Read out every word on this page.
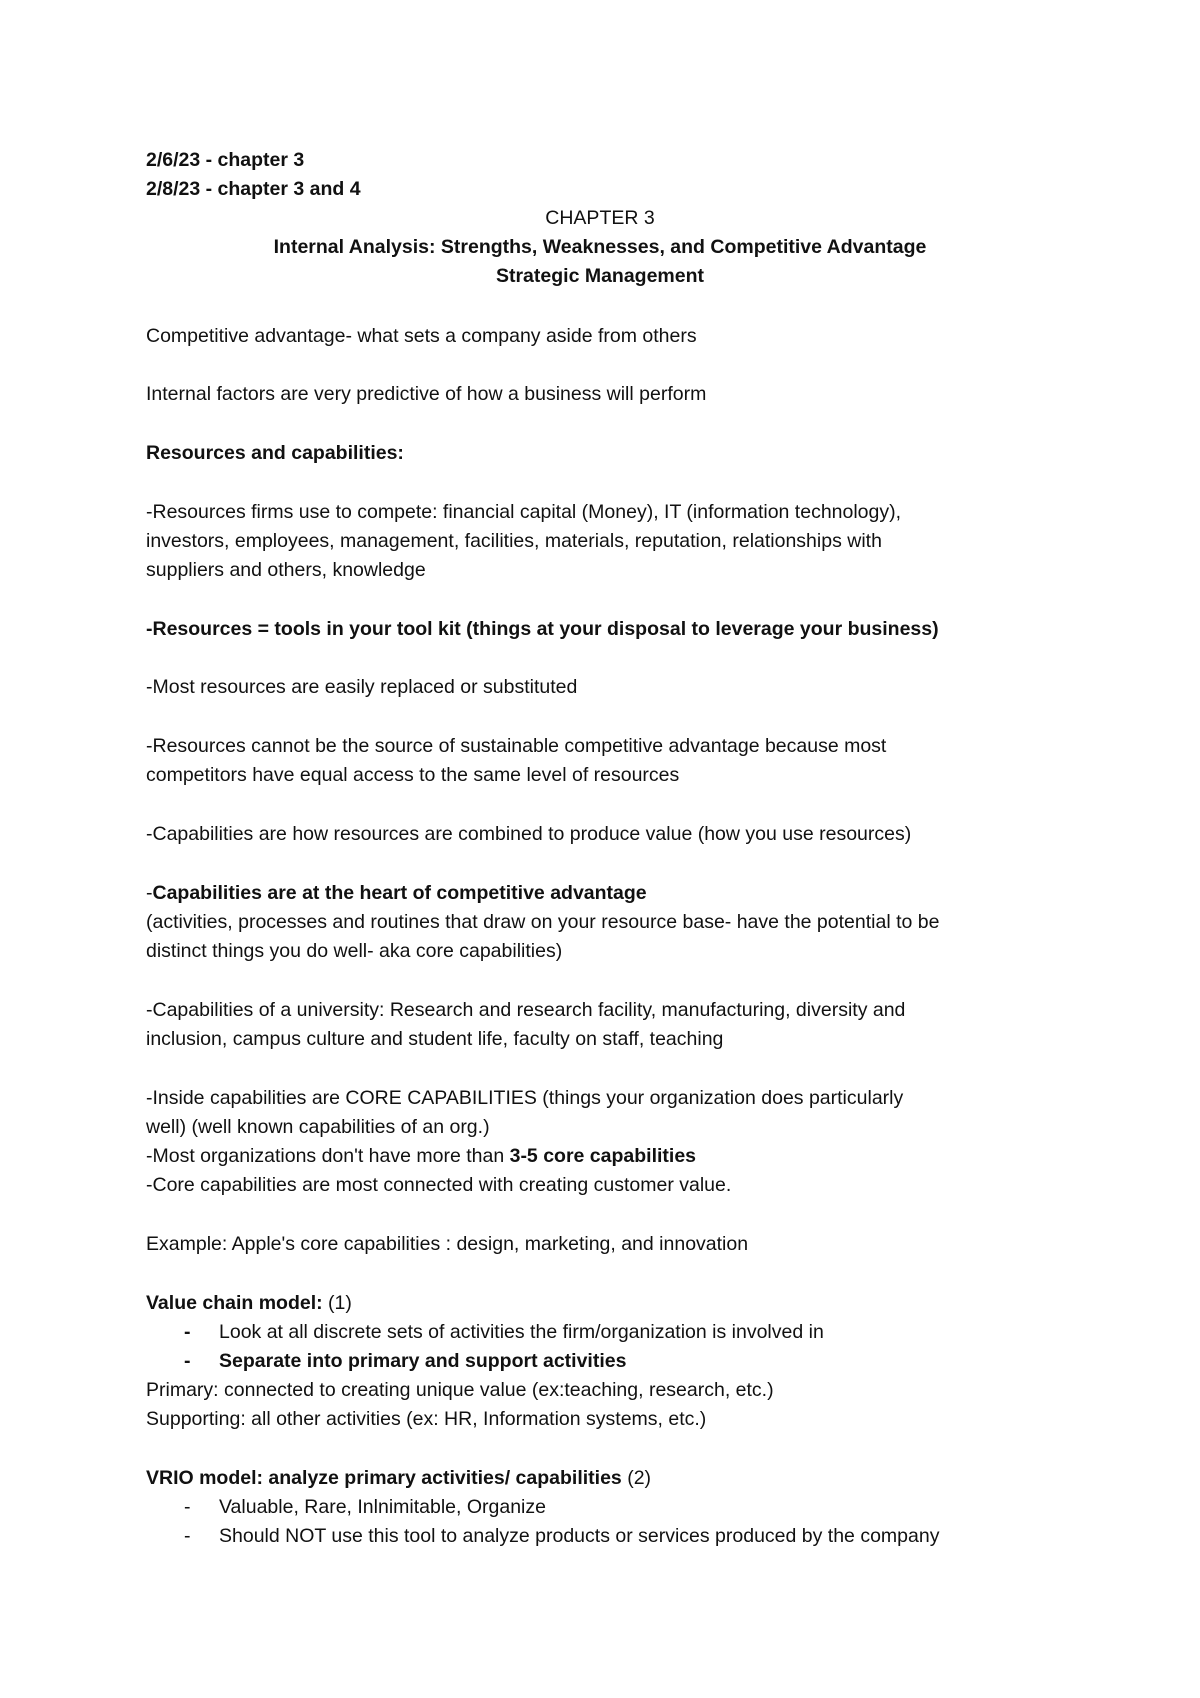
2/6/23 - chapter 3
2/8/23 - chapter 3 and 4
CHAPTER 3
Internal Analysis: Strengths, Weaknesses, and Competitive Advantage
Strategic Management
Competitive advantage- what sets a company aside from others
Internal factors are very predictive of how a business will perform
Resources and capabilities:
-Resources firms use to compete: financial capital (Money), IT (information technology),
investors, employees, management, facilities, materials, reputation, relationships with
suppliers and others, knowledge
-Resources = tools in your tool kit (things at your disposal to leverage your business)
-Most resources are easily replaced or substituted
-Resources cannot be the source of sustainable competitive advantage because most
competitors have equal access to the same level of resources
-Capabilities are how resources are combined to produce value (how you use resources)
-Capabilities are at the heart of competitive advantage
(activities, processes and routines that draw on your resource base- have the potential to be
distinct things you do well- aka core capabilities)
-Capabilities of a university: Research and research facility, manufacturing, diversity and
inclusion, campus culture and student life, faculty on staff, teaching
-Inside capabilities are CORE CAPABILITIES (things your organization does particularly
well) (well known capabilities of an org.)
-Most organizations don't have more than 3-5 core capabilities
-Core capabilities are most connected with creating customer value.
Example: Apple's core capabilities : design, marketing, and innovation
Value chain model: (1)
-	Look at all discrete sets of activities the firm/organization is involved in
-	Separate into primary and support activities
Primary: connected to creating unique value (ex:teaching, research, etc.)
Supporting: all other activities (ex: HR, Information systems, etc.)
VRIO model: analyze primary activities/ capabilities (2)
-	Valuable, Rare, Inlnimitable, Organize
-	Should NOT use this tool to analyze products or services produced by the company
